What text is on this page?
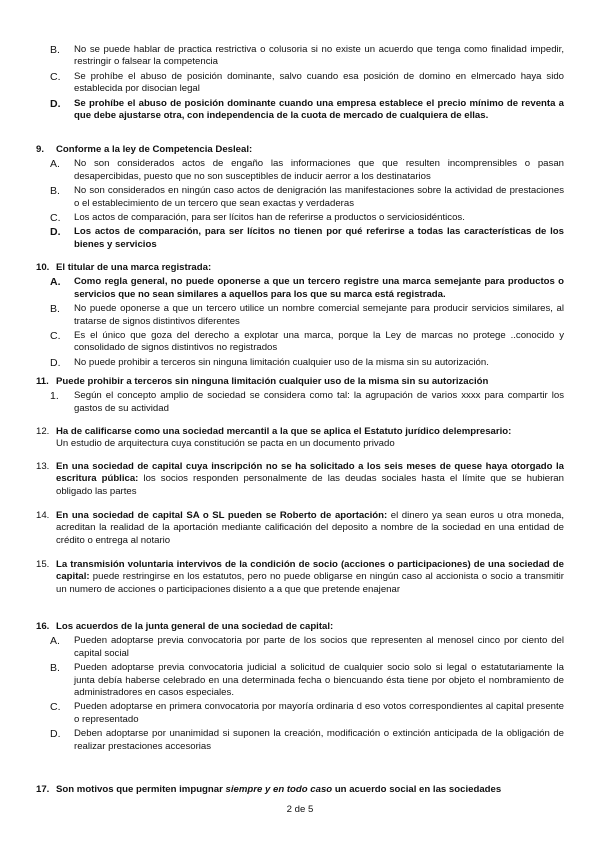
B.	No se puede hablar de practica restrictiva o colusoria si no existe un acuerdo que tenga como finalidad impedir, restringir o falsear la competencia
C.	Se prohíbe el abuso de posición dominante, salvo cuando esa posición de domino en elmercado haya sido establecida por disocian legal
D.	Se prohíbe el abuso de posición dominante cuando una empresa establece el precio mínimo de reventa a que debe ajustarse otra, con independencia de la cuota de mercado de cualquiera de ellas.
9.	Conforme a la ley de Competencia Desleal:
A.	No son considerados actos de engaño las informaciones que que resulten incomprensibles o pasan desapercibidas, puesto que no son susceptibles de inducir aerror a los destinatarios
B.	No son considerados en ningún caso actos de denigración las manifestaciones sobre la actividad de prestaciones o el establecimiento de un tercero que sean exactas y verdaderas
C.	Los actos de comparación, para ser lícitos han de referirse a productos o serviciosidénticos.
D.	Los actos de comparación, para ser lícitos no tienen por qué referirse a todas las características de los bienes y servicios
10. El titular de una marca registrada:
A.	Como regla general, no puede oponerse a que un tercero registre una marca semejante para productos o servicios que no sean similares a aquellos para los que su marca está registrada.
B.	No puede oponerse a que un tercero utilice un nombre comercial semejante para producir servicios similares, al tratarse de signos distintivos diferentes
C.	Es el único que goza del derecho a explotar una marca, porque la Ley de marcas no protege ..conocido y consolidado de signos distintivos no registrados
D.	No puede prohibir a terceros sin ninguna limitación cualquier uso de la misma sin su autorización.
11. Puede prohibir a terceros sin ninguna limitación cualquier uso de la misma sin su autorización
1.	Según el concepto amplio de sociedad se considera como tal: la agrupación de varios xxxx para compartir los gastos de su actividad
12. Ha de calificarse como una sociedad mercantil a la que se aplica el Estatuto jurídico delempresario:
Un estudio de arquitectura cuya constitución se pacta en un documento privado
13. En una sociedad de capital cuya inscripción no se ha solicitado a los seis meses de quese haya otorgado la escritura pública: los socios responden personalmente de las deudas sociales hasta el límite que se hubieran obligado las partes
14. En una sociedad de capital SA o SL pueden se Roberto de aportación: el dinero ya sean euros u otra moneda, acreditan la realidad de la aportación mediante calificación del deposito a nombre de la sociedad en una entidad de crédito o entrega al notario
15. La transmisión voluntaria intervivos de la condición de socio (acciones o participaciones) de una sociedad de capital: puede restringirse en los estatutos, pero no puede obligarse en ningún caso al accionista o socio a transmitir un numero de acciones o participaciones disiento a a que que pretende enajenar
16. Los acuerdos de la junta general de una sociedad de capital:
A.	Pueden adoptarse previa convocatoria por parte de los socios que representen al menosel cinco por ciento del capital social
B.	Pueden adoptarse previa convocatoria judicial a solicitud de cualquier socio solo si legal o estatutariamente la junta debía haberse celebrado en una determinada fecha o biencuando ésta tiene por objeto el nombramiento de administradores en casos especiales.
C.	Pueden adoptarse en primera convocatoria por mayoría ordinaria d eso votos correspondientes al capital presente o representado
D.	Deben adoptarse por unanimidad si suponen la creación, modificación o extinción anticipada de la obligación de realizar prestaciones accesorias
17. Son motivos que permiten impugnar siempre y en todo caso un acuerdo social en las sociedades
2 de 5
